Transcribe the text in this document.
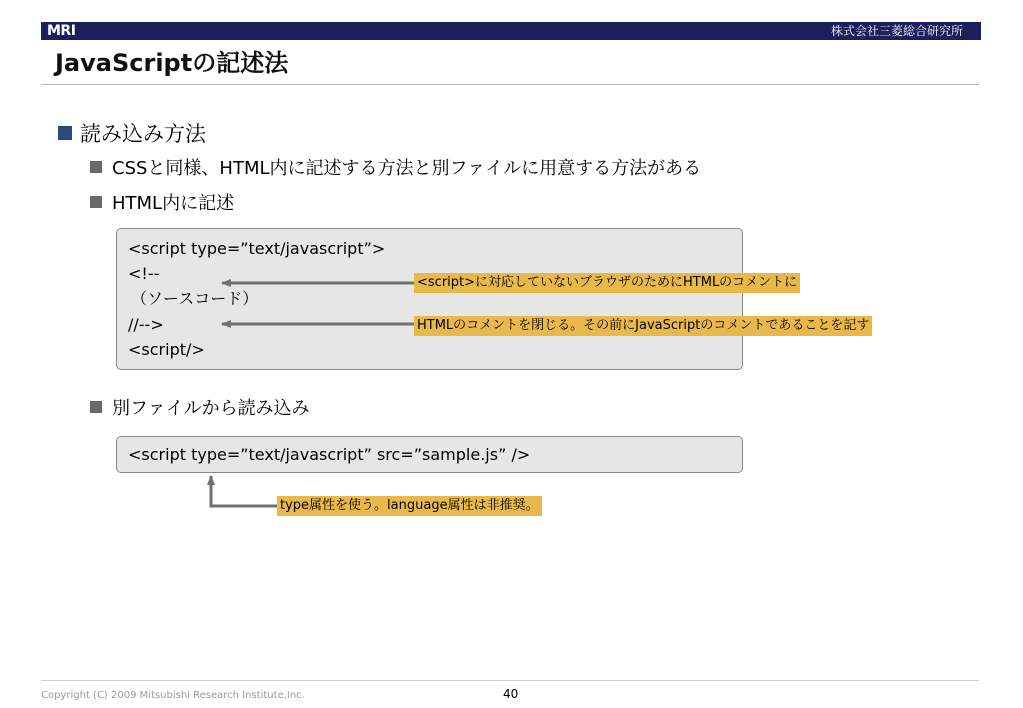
MRI	株式会社三菱総合研究所
JavaScriptの記述法
読み込み方法
CSSと同様、HTML内に記述する方法と別ファイルに用意する方法がある
HTML内に記述
<script type=”text/javascript”>
<!--
（ソースコード）
//-->
<script/>
<script>に対応していないブラウザのためにHTMLのコメントに
HTMLのコメントを閉じる。その前にJavaScriptのコメントであることを記す
別ファイルから読み込み
<script type=”text/javascript” src=”sample.js” />
type属性を使う。language属性は非推奨。
Copyright (C) 2009 Mitsubishi Research Institute,Inc.	40
